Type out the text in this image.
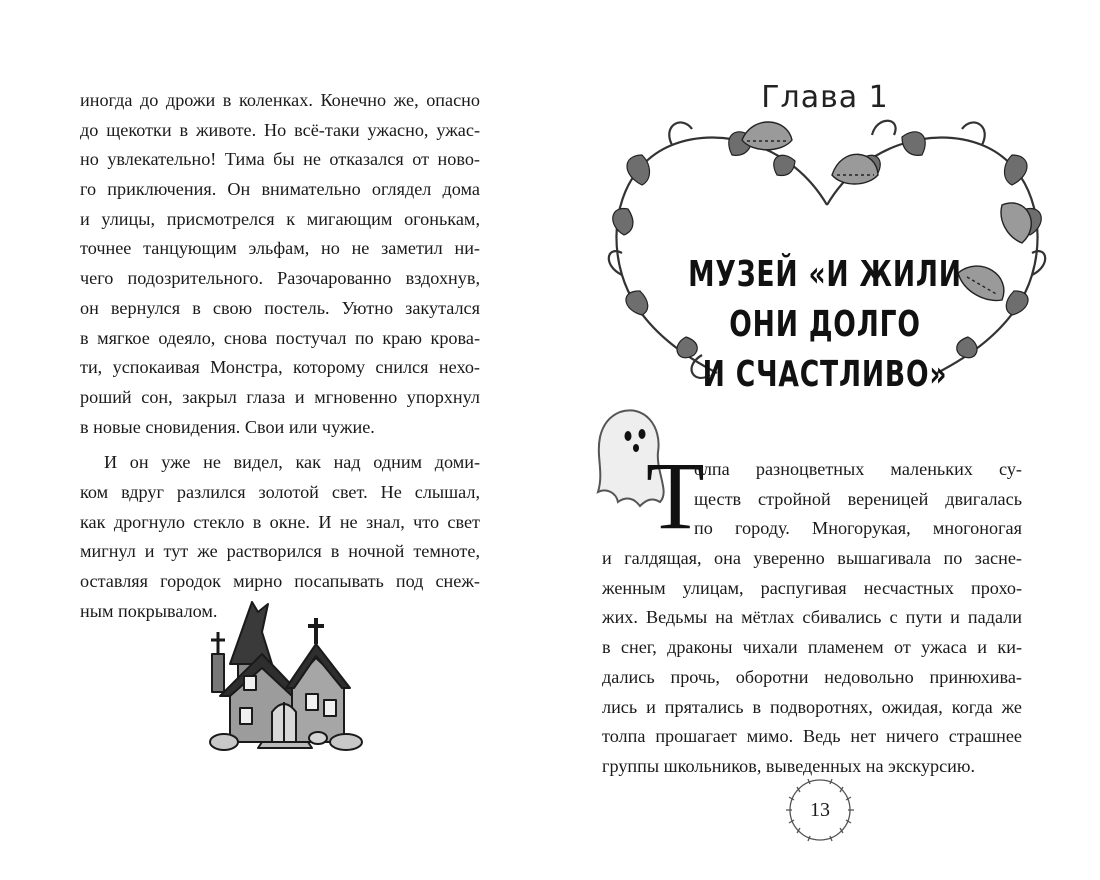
иногда до дрожи в коленках. Конечно же, опасно
до щекотки в животе. Но всё-таки ужасно, ужас-
но увлекательно! Тима бы не отказался от ново-
го приключения. Он внимательно оглядел дома
и улицы, присмотрелся к мигающим огонькам,
точнее танцующим эльфам, но не заметил ни-
чего подозрительного. Разочарованно вздохнув,
он вернулся в свою постель. Уютно закутался
в мягкое одеяло, снова постучал по краю крова-
ти, успокаивая Монстра, которому снился нехо-
роший сон, закрыл глаза и мгновенно упорхнул
в новые сновидения. Свои или чужие.
И он уже не видел, как над одним доми-
ком вдруг разлился золотой свет. Не слышал,
как дрогнуло стекло в окне. И не знал, что свет
мигнул и тут же растворился в ночной темноте,
оставляя городок мирно посапывать под снеж-
ным покрывалом.
Глава 1
МУЗЕЙ «И ЖИЛИ
ОНИ ДОЛГО
И СЧАСТЛИВО»
Т
олпа разноцветных маленьких су-
ществ стройной вереницей двигалась
по городу. Многорукая, многоногая
и галдящая, она уверенно вышагивала по засне-
женным улицам, распугивая несчастных прохо-
жих. Ведьмы на мётлах сбивались с пути и падали
в снег, драконы чихали пламенем от ужаса и ки-
дались прочь, оборотни недовольно принюхива-
лись и прятались в подворотнях, ожидая, когда же
толпа прошагает мимо. Ведь нет ничего страшнее
группы школьников, выведенных на экскурсию.
13
